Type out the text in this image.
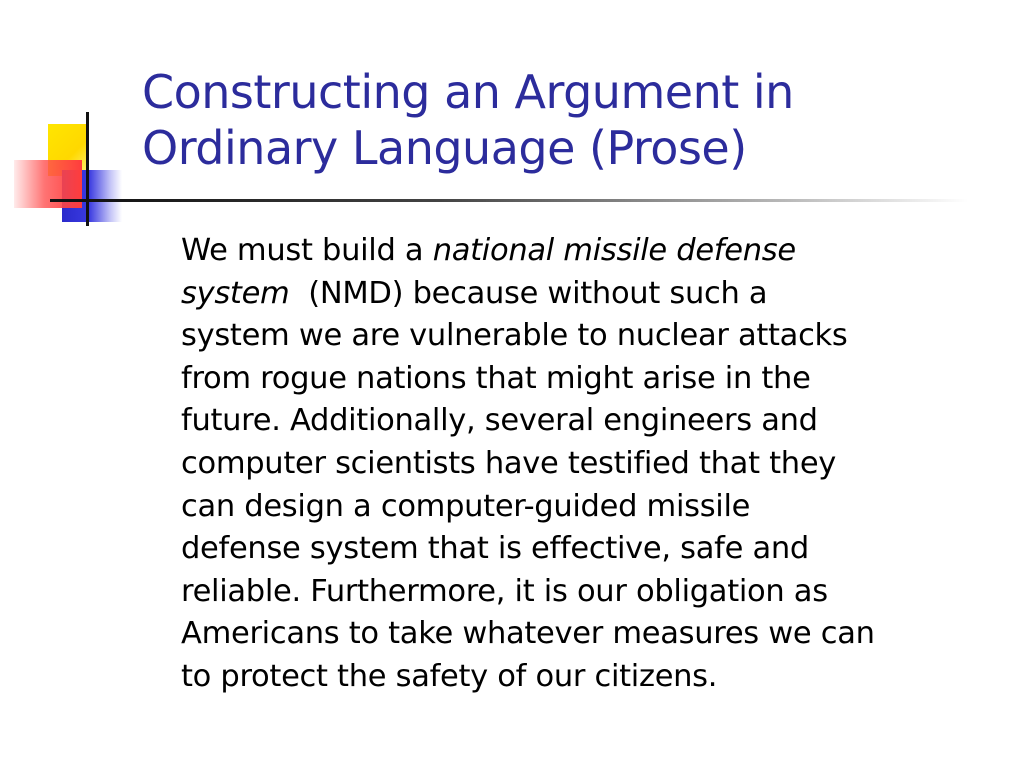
Constructing an Argument in
Ordinary Language (Prose)
We must build a national missile defense
system  (NMD) because without such a
system we are vulnerable to nuclear attacks
from rogue nations that might arise in the
future. Additionally, several engineers and
computer scientists have testified that they
can design a computer-guided missile
defense system that is effective, safe and
reliable. Furthermore, it is our obligation as
Americans to take whatever measures we can
to protect the safety of our citizens.
